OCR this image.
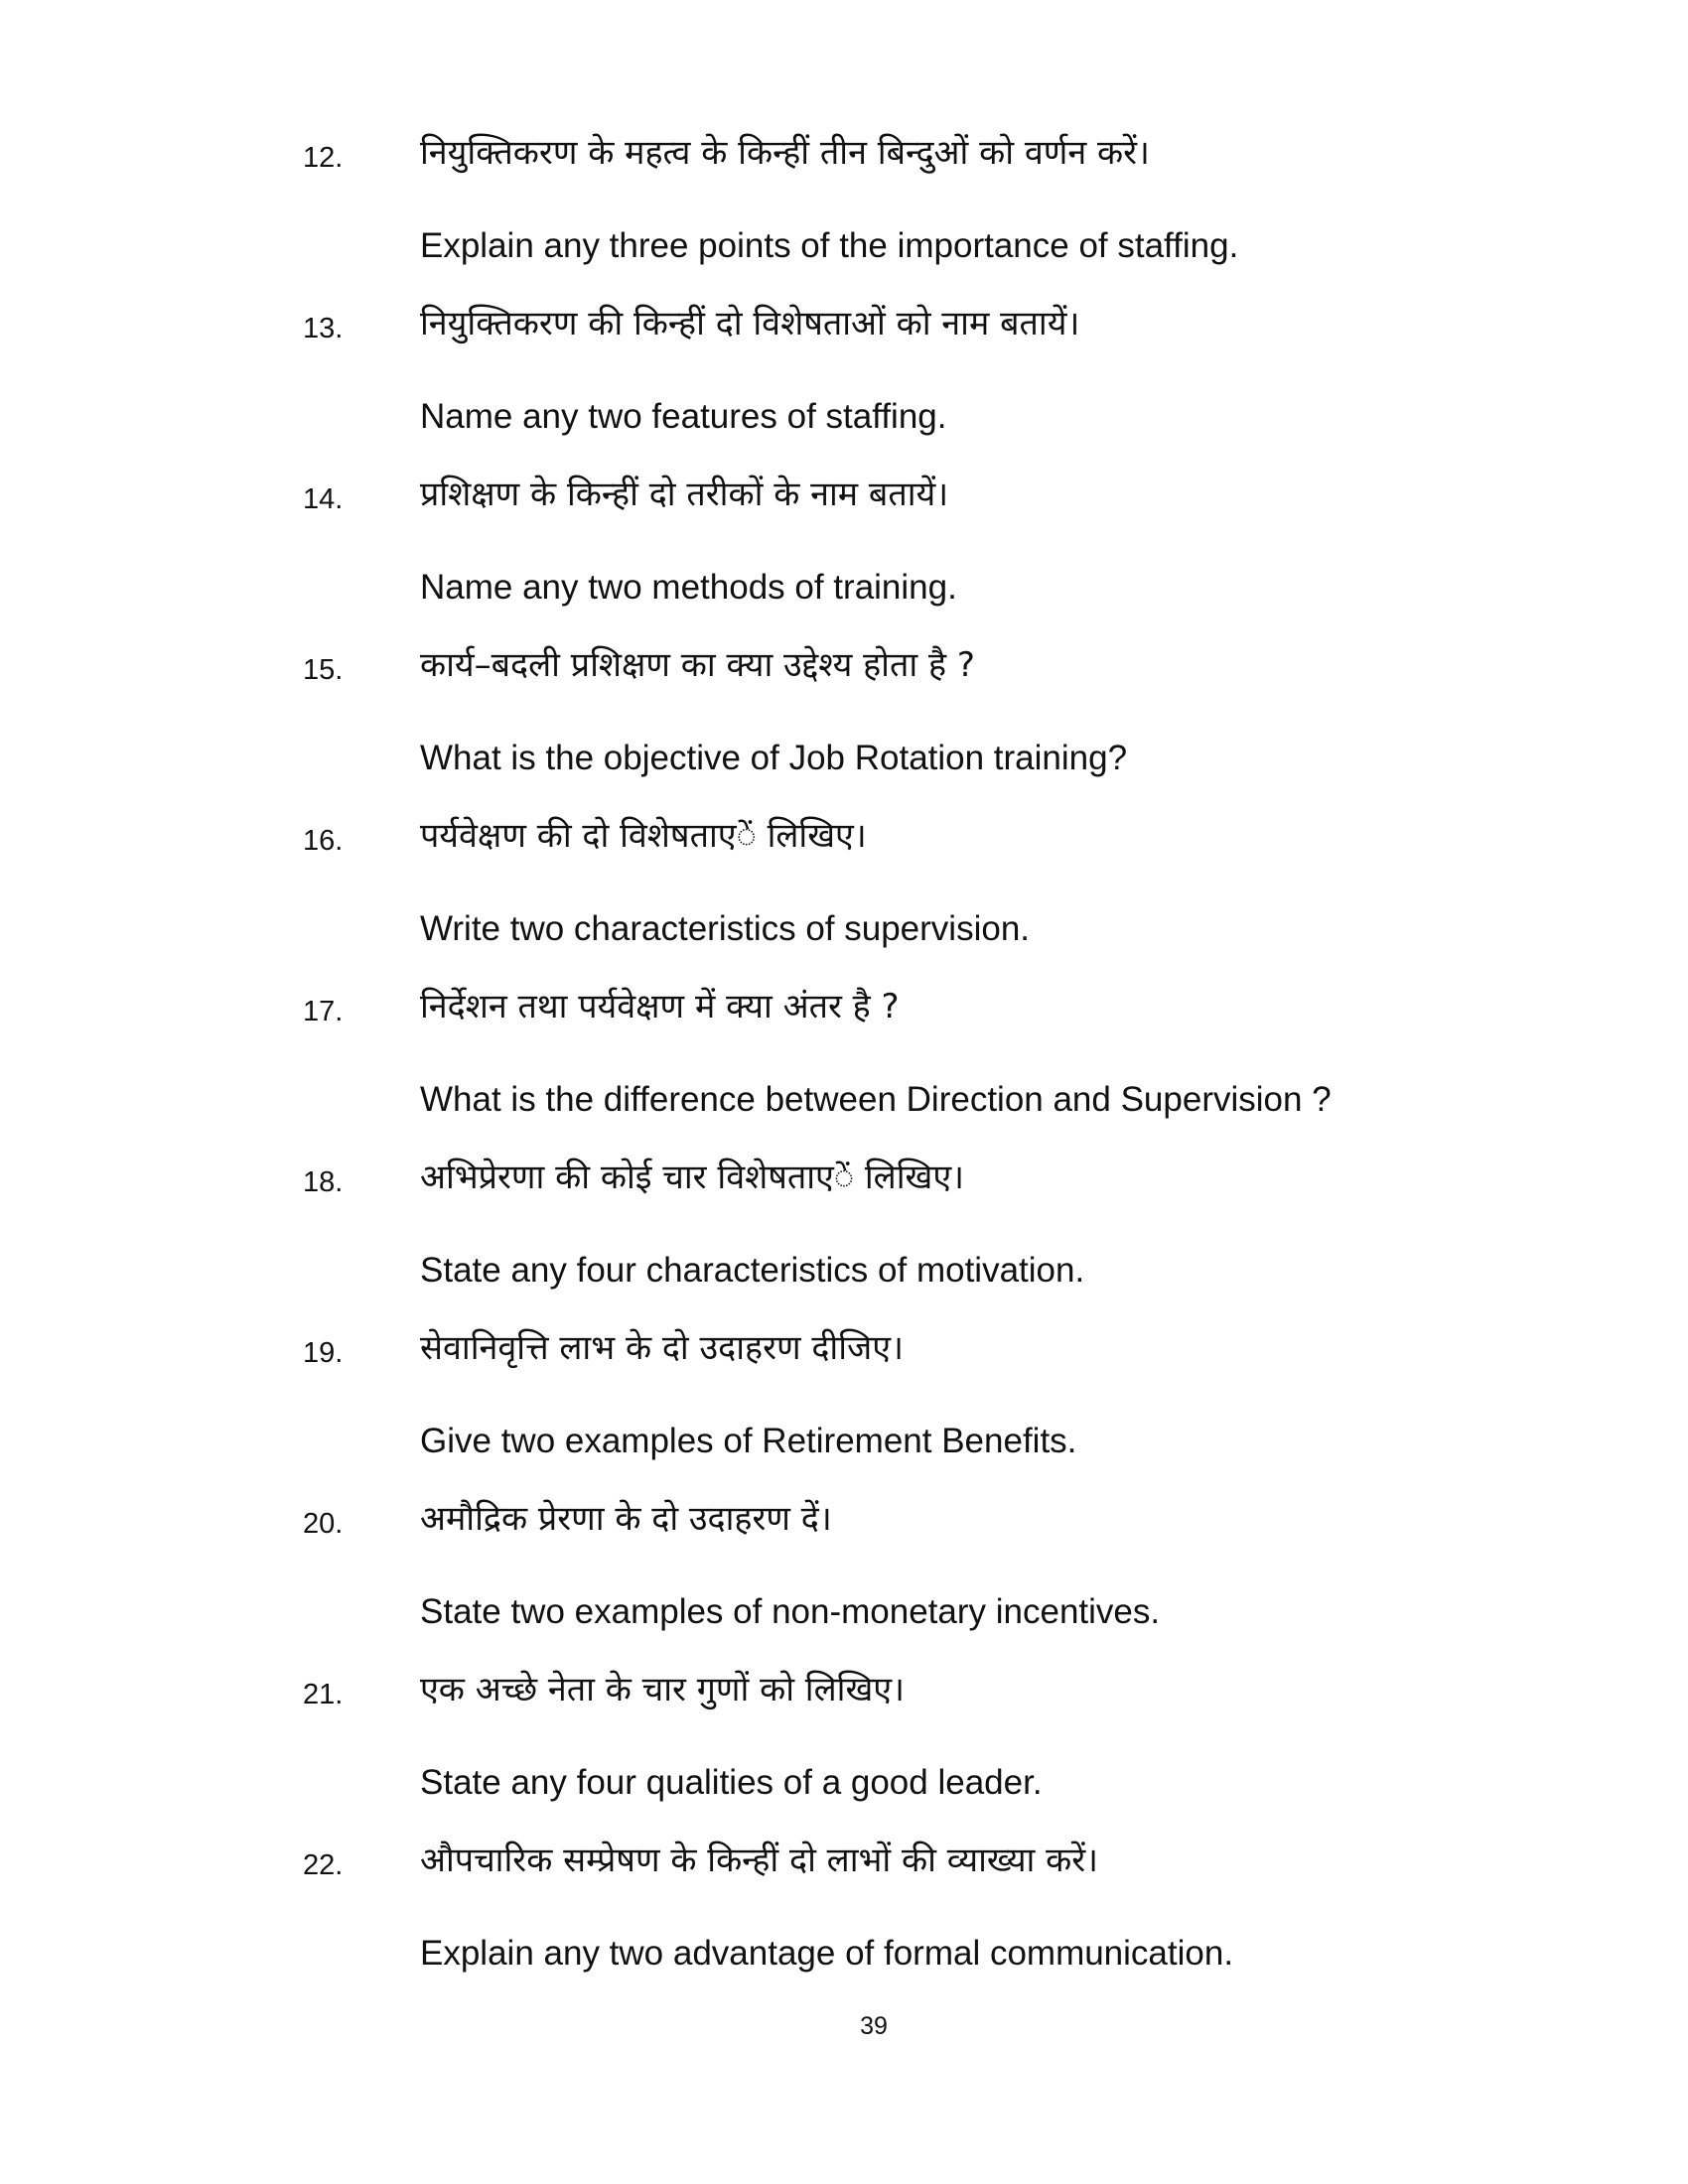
12. नियुक्तिकरण के महत्व के किन्हीं तीन बिन्दुओं को वर्णन करें।
Explain any three points of the importance of staffing.
13. नियुक्तिकरण की किन्हीं दो विशेषताओं को नाम बतायें।
Name any two features of staffing.
14. प्रशिक्षण के किन्हीं दो तरीकों के नाम बतायें।
Name any two methods of training.
15. कार्य–बदली प्रशिक्षण का क्या उद्देश्य होता है ?
What is the objective of Job Rotation training?
16. पर्यवेक्षण की दो विशेषताएें लिखिए।
Write two characteristics of supervision.
17. निर्देशन तथा पर्यवेक्षण में क्या अंतर है ?
What is the difference between Direction and Supervision ?
18. अभिप्रेरणा की कोई चार विशेषताएें लिखिए।
State any four characteristics of motivation.
19. सेवानिवृत्ति लाभ के दो उदाहरण दीजिए।
Give two examples of Retirement Benefits.
20. अमौद्रिक प्रेरणा के दो उदाहरण दें।
State two examples of non-monetary incentives.
21. एक अच्छे नेता के चार गुणों को लिखिए।
State any four qualities of a good leader.
22. औपचारिक सम्प्रेषण के किन्हीं दो लाभों की व्याख्या करें।
Explain any two advantage of formal communication.
39
